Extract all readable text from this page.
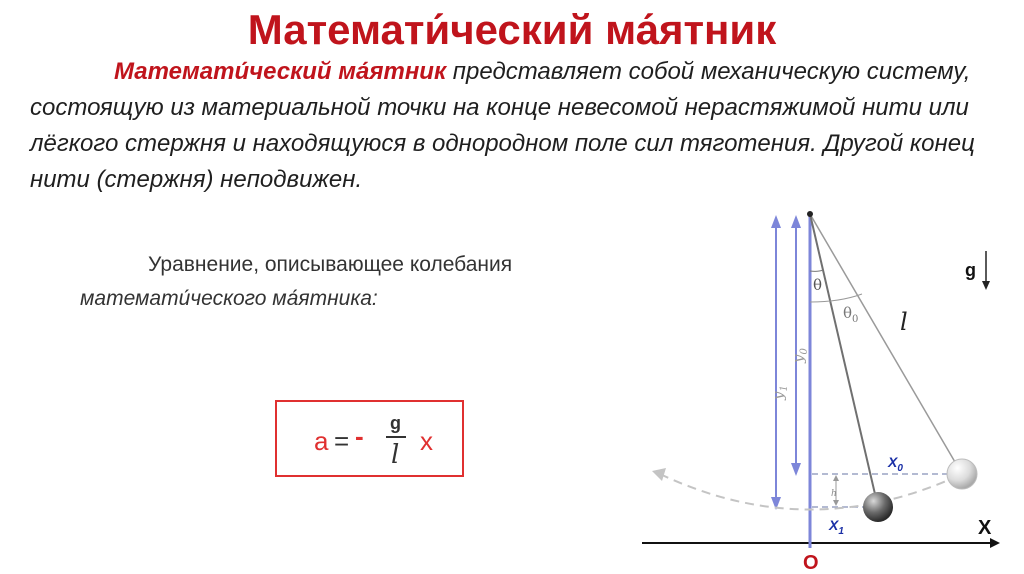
Математи́ческий ма́ятник

Математи́ческий ма́ятник представляет собой механическую систему, состоящую из материальной точки на конце невесомой нерастяжимой нити или лёгкого стержня и находящуюся в однородном поле сил тяготения. Другой конец нити (стержня) неподвижен.

Уравнение, описывающее колебания
математи́ческого ма́ятника:
a = - g
l x
θ
$\theta_0$ l
$y_0$
$y_1$
h
g
$X_0$
$X_1$	X
O
